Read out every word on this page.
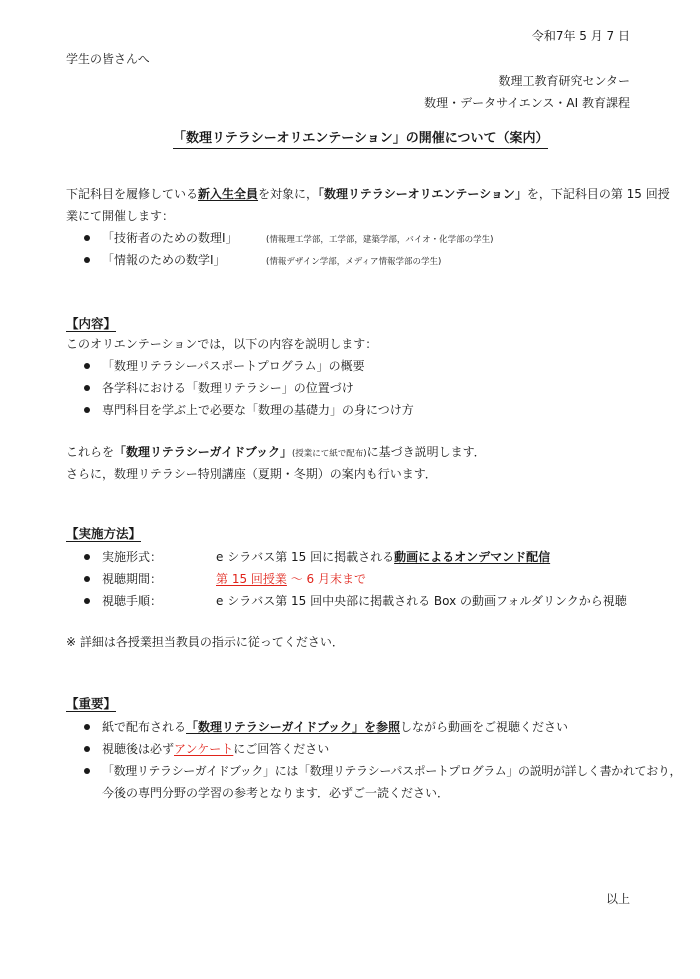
令和7年 5 月 7 日
学生の皆さんへ
数理工教育研究センター
数理・データサイエンス・AI 教育課程
「数理リテラシーオリエンテーション」の開催について（案内）
下記科目を履修している新入生全員を対象に，「数理リテラシーオリエンテーション」を，下記科目の第 15 回授
業にて開催します：
「技術者のための数理Ⅰ」	(情報理工学部，工学部，建築学部，バイオ・化学部の学生)
「情報のための数学Ⅰ」	(情報デザイン学部，メディア情報学部の学生)
【内容】
このオリエンテーションでは，以下の内容を説明します：
「数理リテラシーパスポートプログラム」の概要
各学科における「数理リテラシー」の位置づけ
専門科目を学ぶ上で必要な「数理の基礎力」の身につけ方
これらを「数理リテラシーガイドブック」(授業にて紙で配布)に基づき説明します．
さらに，数理リテラシー特別講座（夏期・冬期）の案内も行います．
【実施方法】
実施形式：	e シラバス第 15 回に掲載される動画によるオンデマンド配信
視聴期間：	第 15 回授業 ～ 6 月末まで
視聴手順：	e シラバス第 15 回中央部に掲載される Box の動画フォルダリンクから視聴
※ 詳細は各授業担当教員の指示に従ってください．
【重要】
紙で配布される「数理リテラシーガイドブック」を参照しながら動画をご視聴ください
視聴後は必ずアンケートにご回答ください
「数理リテラシーガイドブック」には「数理リテラシーパスポートプログラム」の説明が詳しく書かれており，
今後の専門分野の学習の参考となります．必ずご一読ください．
以上
